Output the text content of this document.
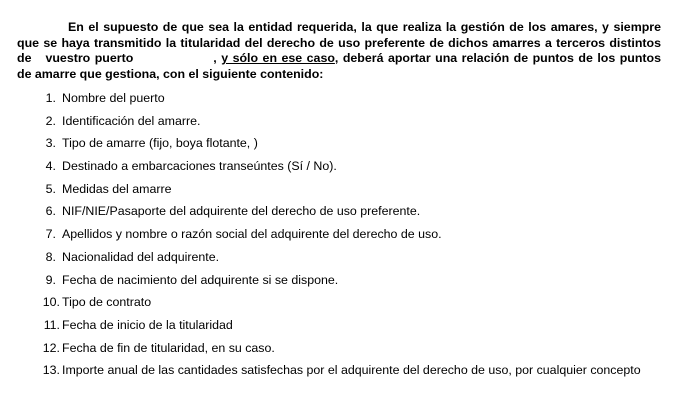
En el supuesto de que sea la entidad requerida, la que realiza la gestión de los amares, y siempre que se haya transmitido la titularidad del derecho de uso preferente de dichos amarres a terceros distintos de vuestro puerto	, y sólo en ese caso, deberá aportar una relación de puntos de los puntos de amarre que gestiona, con el siguiente contenido:

1. Nombre del puerto
2. Identificación del amarre.
3. Tipo de amarre (fijo, boya flotante, )
4. Destinado a embarcaciones transeúntes (Sí / No).
5. Medidas del amarre
6. NIF/NIE/Pasaporte del adquirente del derecho de uso preferente.
7. Apellidos y nombre o razón social del adquirente del derecho de uso.
8. Nacionalidad del adquirente.
9. Fecha de nacimiento del adquirente si se dispone.
10. Tipo de contrato
11. Fecha de inicio de la titularidad
12. Fecha de fin de titularidad, en su caso.
13. Importe anual de las cantidades satisfechas por el adquirente del derecho de uso, por cualquier concepto
